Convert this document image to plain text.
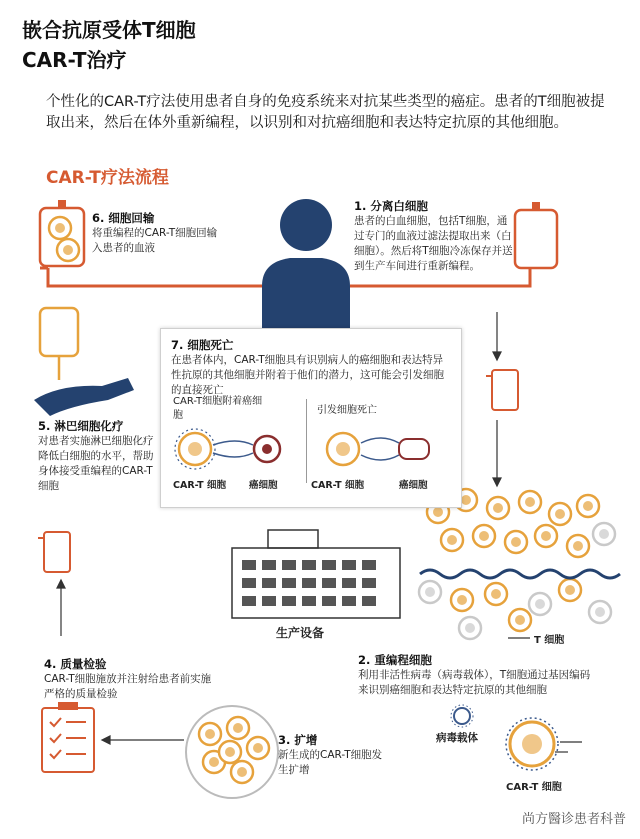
嵌合抗原受体T细胞
CAR-T治疗
个性化的CAR-T疗法使用患者自身的免疫系统来对抗某些类型的癌症。患者的T细胞被提取出来，然后在体外重新编程，以识别和对抗癌细胞和表达特定抗原的其他细胞。
CAR-T疗法流程
6. 细胞回输
将重编程的CAR-T细胞回输入患者的血液
1. 分离白细胞
患者的白血细胞，包括T细胞，通过专门的血液过滤法提取出来（白细胞）。然后将T细胞冷冻保存并送到生产车间进行重新编程。
5. 淋巴细胞化疗
对患者实施淋巴细胞化疗降低白细胞的水平，帮助身体接受重编程的CAR-T细胞
4. 质量检验
CAR-T细胞施放并注射给患者前实施严格的质量检验
2. 重编程细胞
利用非活性病毒（病毒载体），T细胞通过基因编码来识别癌细胞和表达特定抗原的其他细胞
3. 扩增
新生成的CAR-T细胞发生扩增
7. 细胞死亡
在患者体内，CAR-T细胞具有识别病人的癌细胞和表达特异性抗原的其他细胞并附着于他们的潜力，这可能会引发细胞的直接死亡
CAR-T细胞附着癌细胞	引发细胞死亡
CAR-T 细胞 癌细胞	CAR-T 细胞	癌细胞
生产设备
T 细胞
病毒载体
CAR-T 细胞
尚方醫诊患者科普
